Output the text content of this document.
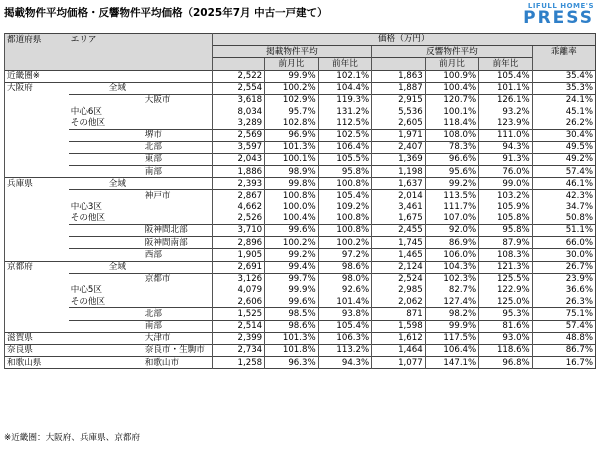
掲載物件平均価格・反響物件平均価格（2025年7月 中古一戸建て）
LIFULL HOME'S
PRESS
都道府県	エリア	価格（万円）						
		掲載物件平均			反響物件平均			乖離率
			前月比	前年比		前月比	前年比	
近畿圏※		2,522	99.9%	102.1%	1,863	100.9%	105.4%	35.4%
大阪府	全域	2,554	100.2%	104.4%	1,887	100.4%	101.1%	35.3%
	大阪市	3,618	102.9%	119.3%	2,915	120.7%	126.1%	24.1%
	中心6区	8,034	95.7%	131.2%	5,536	100.1%	93.2%	45.1%
	その他区	3,289	102.8%	112.5%	2,605	118.4%	123.9%	26.2%
	堺市	2,569	96.9%	102.5%	1,971	108.0%	111.0%	30.4%
	北部	3,597	101.3%	106.4%	2,407	78.3%	94.3%	49.5%
	東部	2,043	100.1%	105.5%	1,369	96.6%	91.3%	49.2%
	南部	1,886	98.9%	95.8%	1,198	95.6%	76.0%	57.4%
兵庫県	全域	2,393	99.8%	100.8%	1,637	99.2%	99.0%	46.1%
	神戸市	2,867	100.8%	105.4%	2,014	113.5%	103.2%	42.3%
	中心3区	4,662	100.0%	109.2%	3,461	111.7%	105.9%	34.7%
	その他区	2,526	100.4%	100.8%	1,675	107.0%	105.8%	50.8%
	阪神間北部	3,710	99.6%	100.8%	2,455	92.0%	95.8%	51.1%
	阪神間南部	2,896	100.2%	100.2%	1,745	86.9%	87.9%	66.0%
	西部	1,905	99.2%	97.2%	1,465	106.0%	108.3%	30.0%
京都府	全域	2,691	99.4%	98.6%	2,124	104.3%	121.3%	26.7%
	京都市	3,126	99.7%	98.0%	2,524	102.3%	125.5%	23.9%
	中心5区	4,079	99.9%	92.6%	2,985	82.7%	122.9%	36.6%
	その他区	2,606	99.6%	101.4%	2,062	127.4%	125.0%	26.3%
	北部	1,525	98.5%	93.8%	871	98.2%	95.3%	75.1%
	南部	2,514	98.6%	105.4%	1,598	99.9%	81.6%	57.4%
滋賀県	大津市	2,399	101.3%	106.3%	1,612	117.5%	93.0%	48.8%
奈良県	奈良市・生駒市	2,734	101.8%	113.2%	1,464	106.4%	118.6%	86.7%
和歌山県	和歌山市	1,258	96.3%	94.3%	1,077	147.1%	96.8%	16.7%
※近畿圏：大阪府、兵庫県、京都府
